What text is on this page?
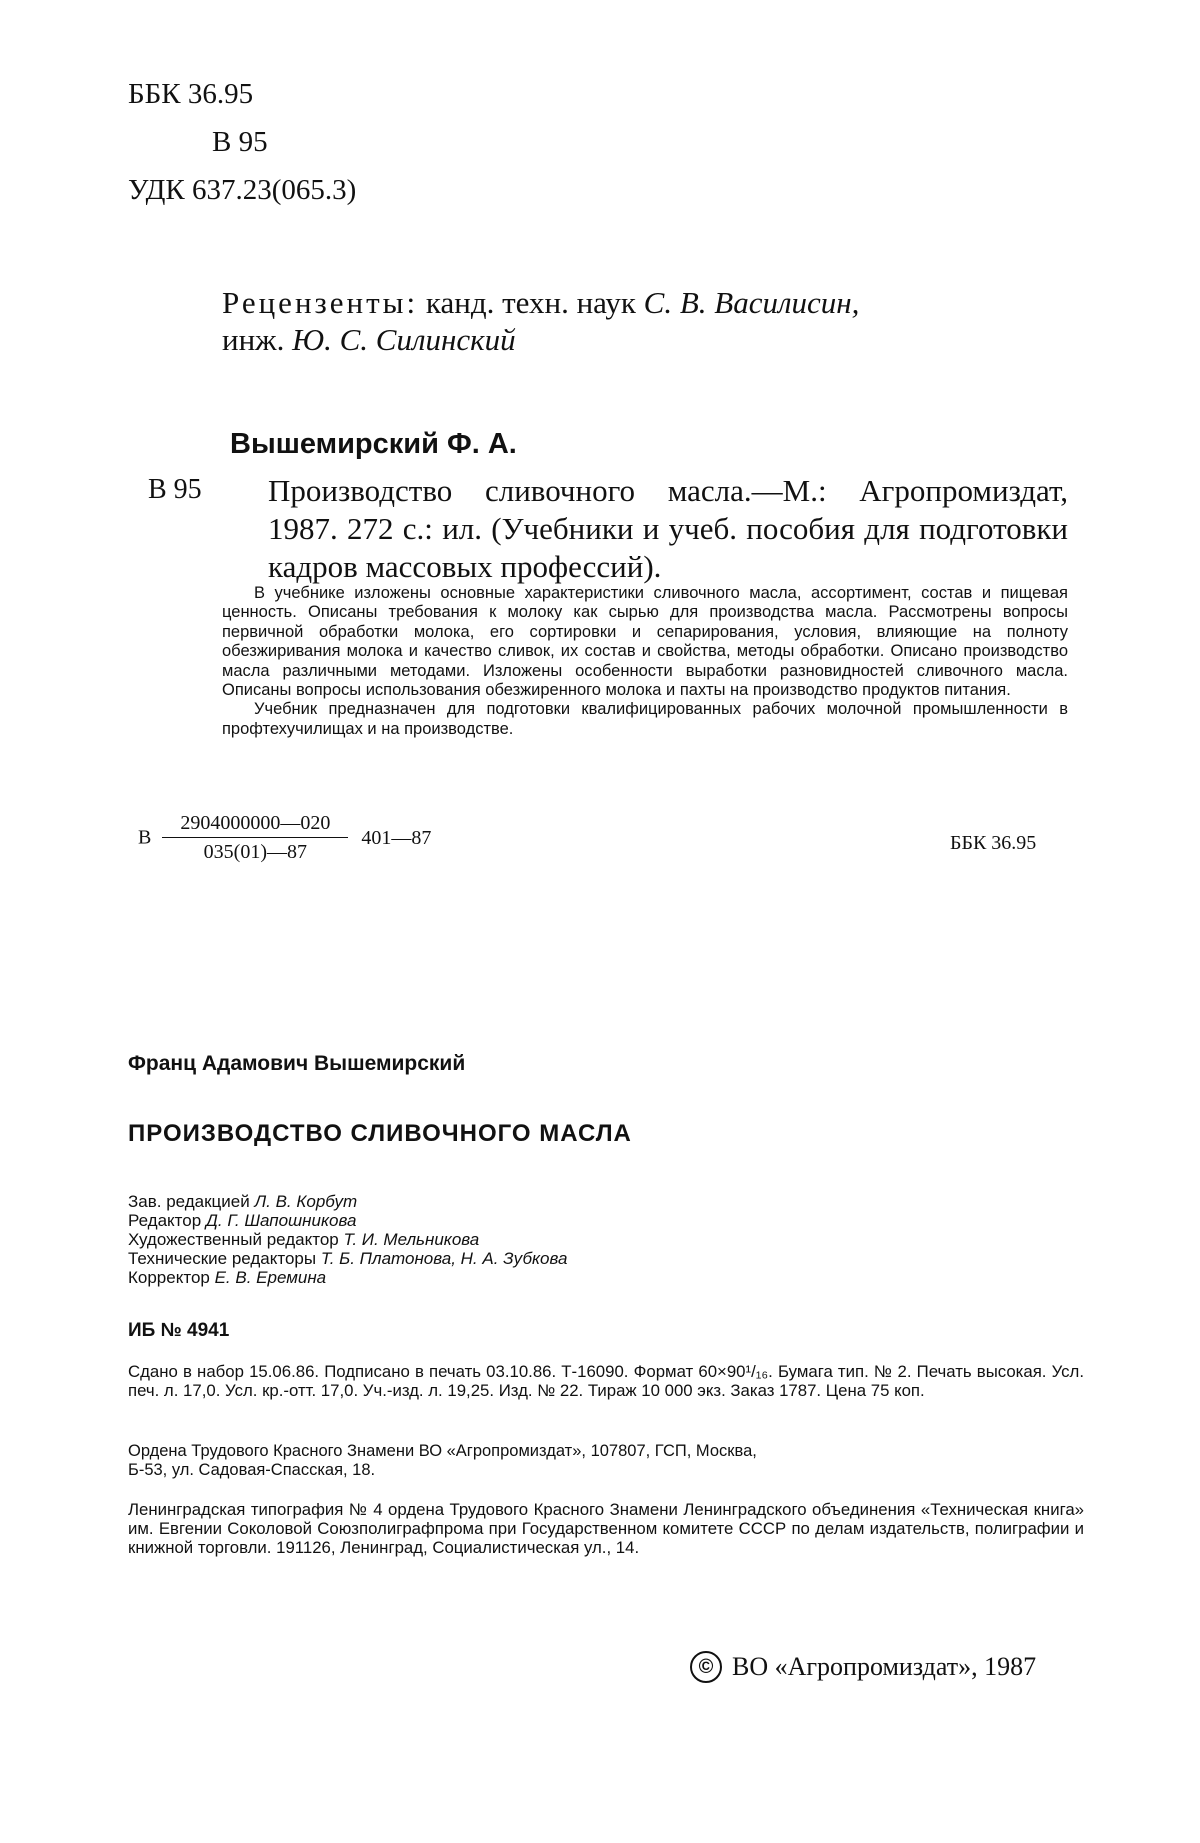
ББК 36.95
В 95
УДК 637.23(065.3)
Рецензенты: канд. техн. наук С. В. Василисин,
инж. Ю. С. Силинский
Вышемирский Ф. А.
В 95 Производство сливочного масла.—М.: Агропромиздат, 1987. 272 с.: ил. (Учебники и учеб. пособия для подготовки кадров массовых профессий).

В учебнике изложены основные характеристики сливочного масла, ассортимент, состав и пищевая ценность. Описаны требования к молоку как сырью для производства масла. Рассмотрены вопросы первичной обработки молока, его сортировки и сепарирования, условия, влияющие на полноту обезжиривания молока и качество сливок, их состав и свойства, методы обработки. Описано производство масла различными методами. Изложены особенности выработки разновидностей сливочного масла. Описаны вопросы использования обезжиренного молока и пахты на производство продуктов питания.

Учебник предназначен для подготовки квалифицированных рабочих молочной промышленности в профтехучилищах и на производстве.

В $\frac{2904000000—020}{035(01)—87}$ 401—87	ББК 36.95
Франц Адамович Вышемирский
ПРОИЗВОДСТВО СЛИВОЧНОГО МАСЛА
Зав. редакцией Л. В. Корбут
Редактор Д. Г. Шапошникова
Художественный редактор Т. И. Мельникова
Технические редакторы Т. Б. Платонова, Н. А. Зубкова
Корректор Е. В. Еремина
ИБ № 4941
Сдано в набор 15.06.86. Подписано в печать 03.10.86. Т-16090. Формат 60×90¹/₁₆. Бумага тип. № 2. Печать высокая. Усл. печ. л. 17,0. Усл. кр.-отт. 17,0. Уч.-изд. л. 19,25. Изд. № 22. Тираж 10 000 экз. Заказ 1787. Цена 75 коп.
Ордена Трудового Красного Знамени ВО «Агропромиздат», 107807, ГСП, Москва, Б-53, ул. Садовая-Спасская, 18.
Ленинградская типография № 4 ордена Трудового Красного Знамени Ленинградского объединения «Техническая книга» им. Евгении Соколовой Союзполиграфпрома при Государственном комитете СССР по делам издательств, полиграфии и книжной торговли. 191126, Ленинград, Социалистическая ул., 14.
© ВО «Агропромиздат», 1987
